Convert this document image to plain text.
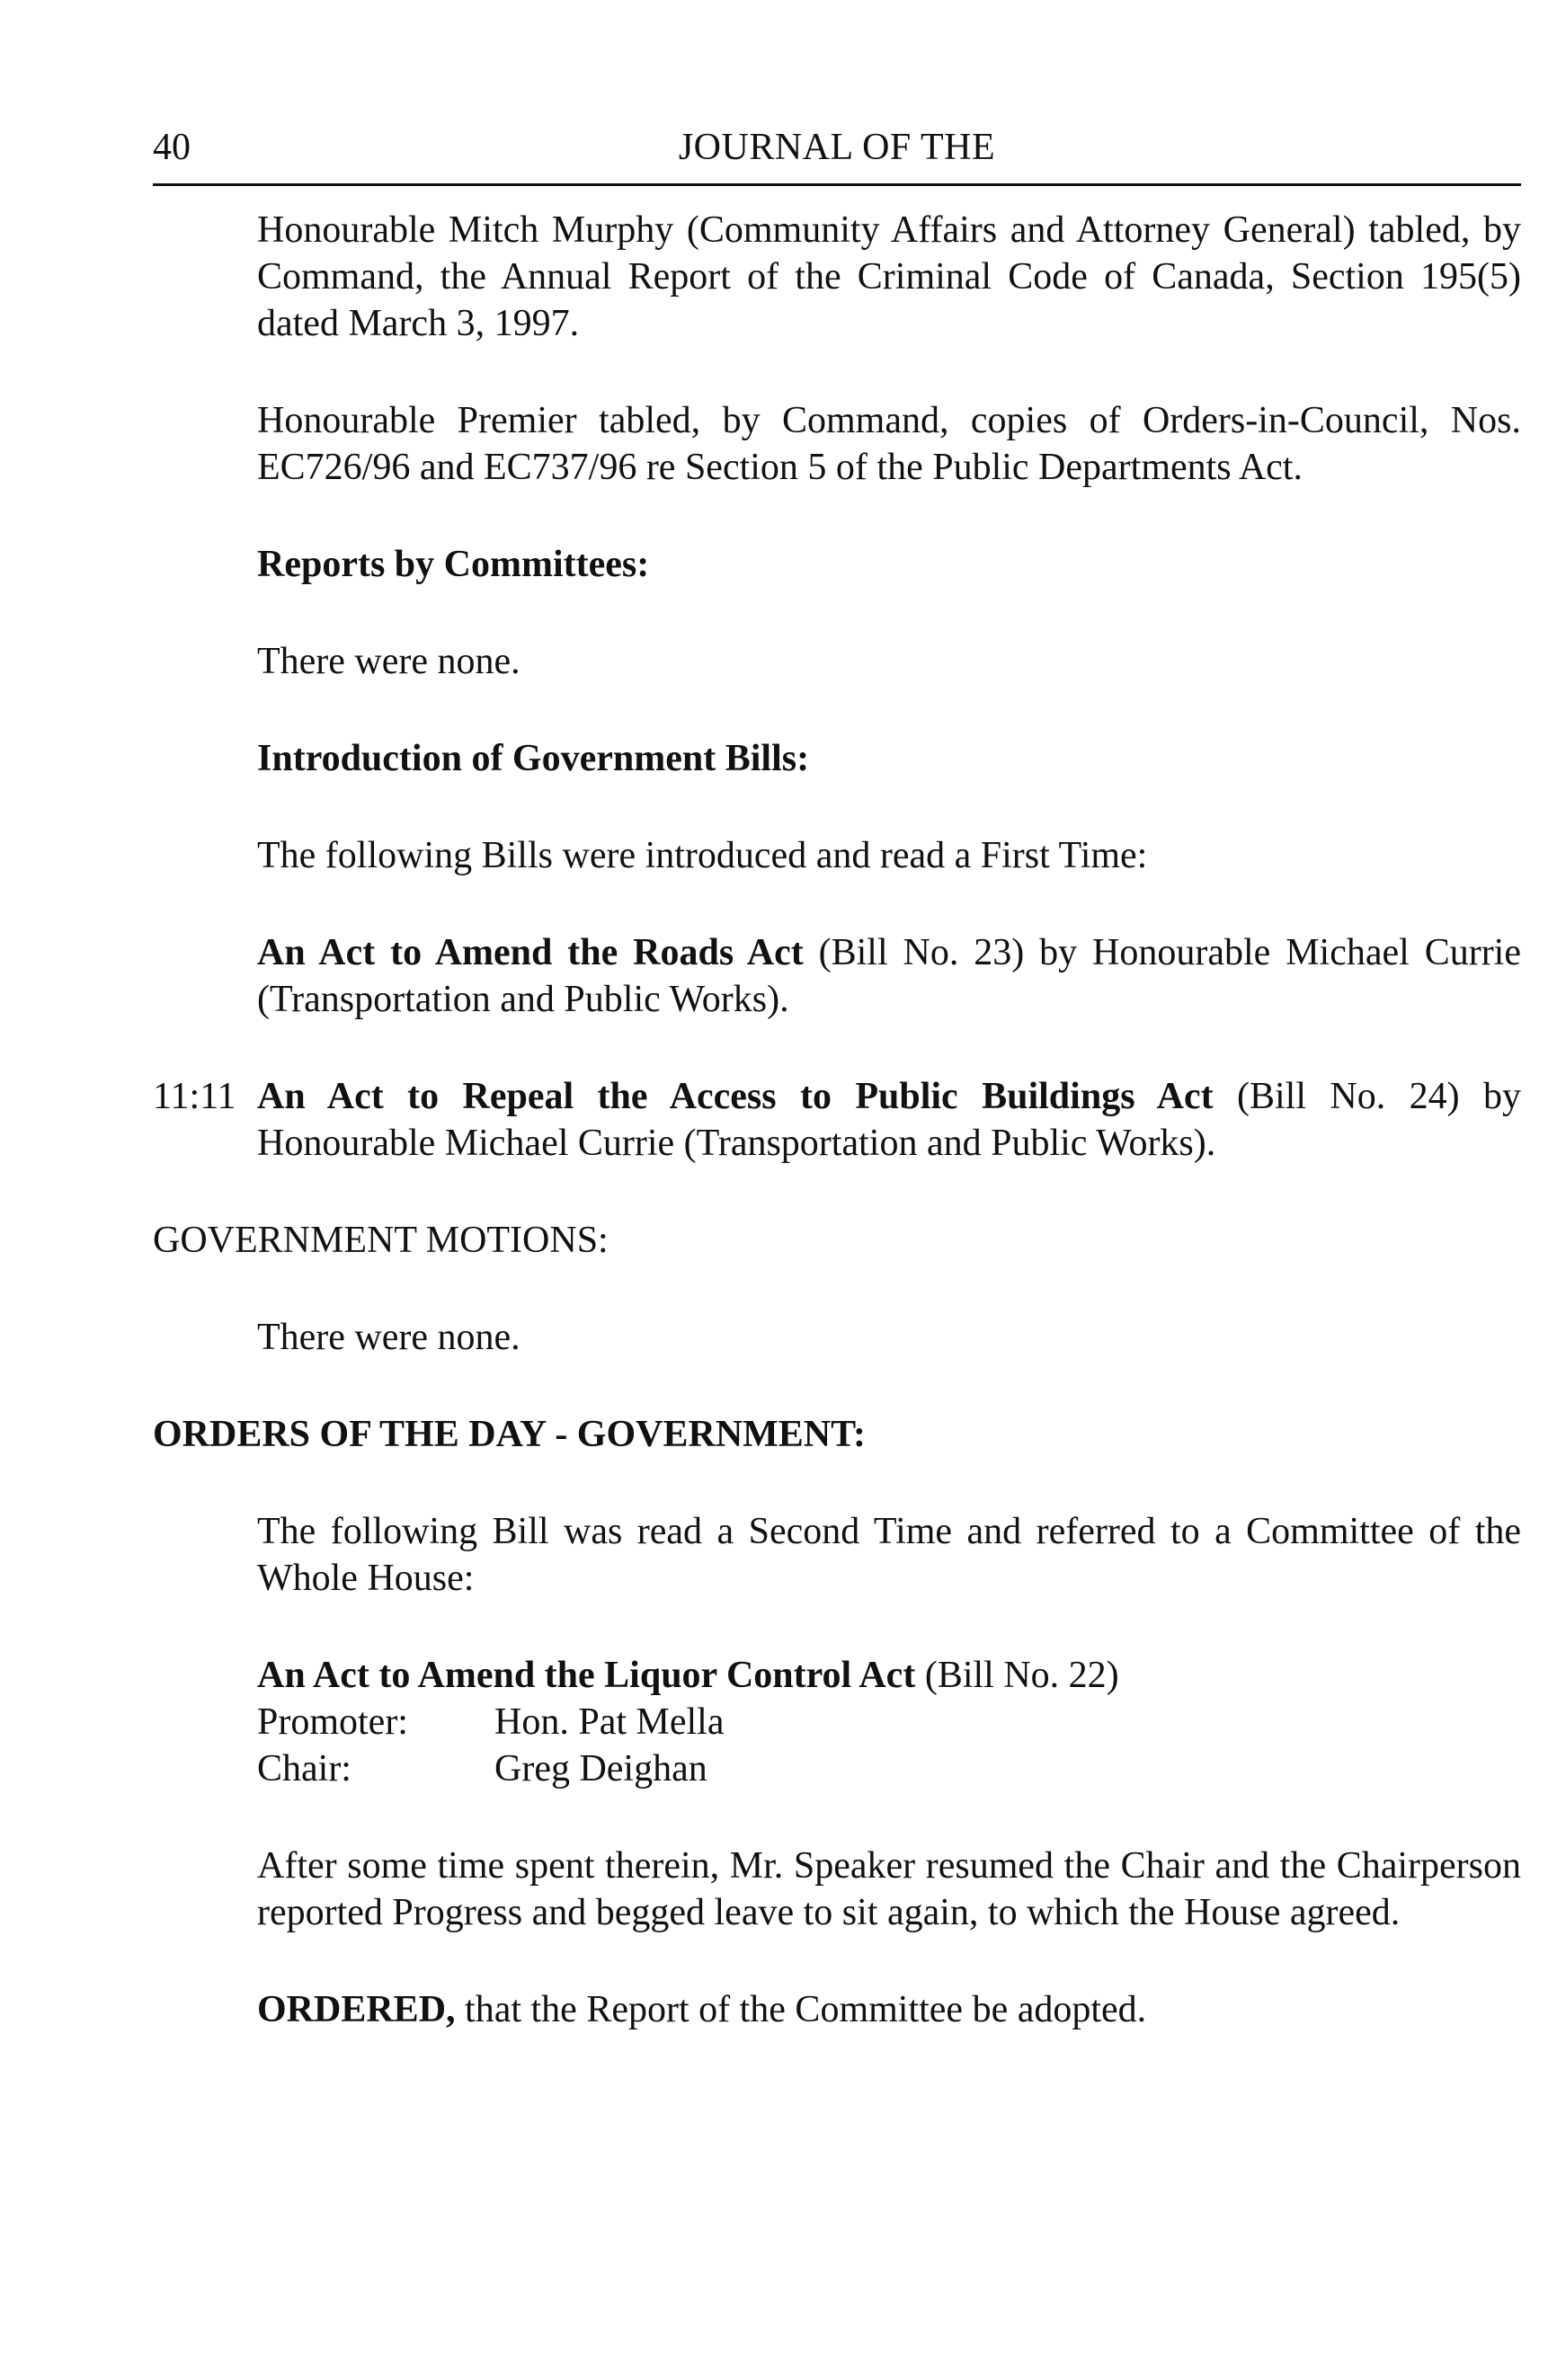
40	JOURNAL OF THE

Honourable Mitch Murphy (Community Affairs and Attorney General) tabled, by Command, the Annual Report of the Criminal Code of Canada, Section 195(5) dated March 3, 1997.

Honourable Premier tabled, by Command, copies of Orders-in-Council, Nos. EC726/96 and EC737/96 re Section 5 of the Public Departments Act.

Reports by Committees:

There were none.

Introduction of Government Bills:

The following Bills were introduced and read a First Time:

An Act to Amend the Roads Act (Bill No. 23) by Honourable Michael Currie (Transportation and Public Works).

11:11 An Act to Repeal the Access to Public Buildings Act (Bill No. 24) by Honourable Michael Currie (Transportation and Public Works).

GOVERNMENT MOTIONS:

There were none.

ORDERS OF THE DAY - GOVERNMENT:

The following Bill was read a Second Time and referred to a Committee of the Whole House:

An Act to Amend the Liquor Control Act (Bill No. 22)

Promoter:	Hon. Pat Mella
Chair:	Greg Deighan

After some time spent therein, Mr. Speaker resumed the Chair and the Chairperson reported Progress and begged leave to sit again, to which the House agreed.

ORDERED, that the Report of the Committee be adopted.
